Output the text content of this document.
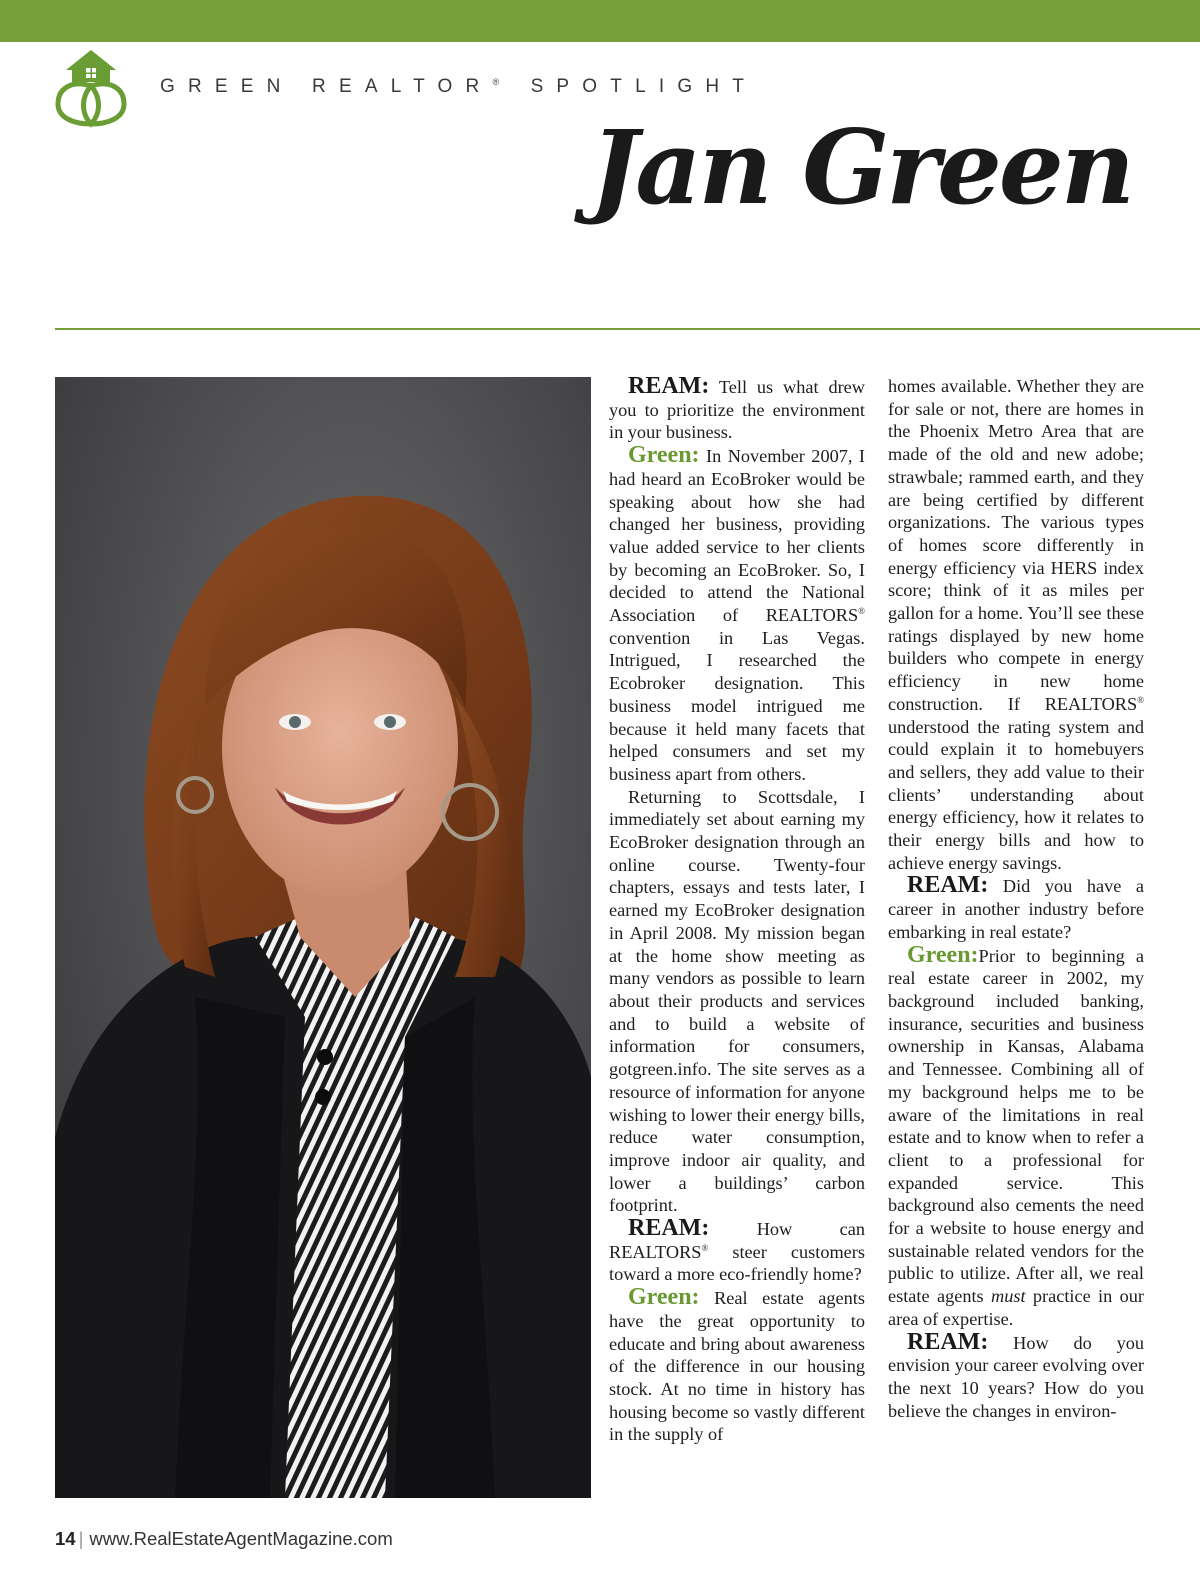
GREEN REALTOR® SPOTLIGHT
Jan Green

REAM: Tell us what drew you to prioritize the environment in your business.

Green: In November 2007, I had heard an EcoBroker would be speaking about how she had changed her business, providing value added service to her clients by becoming an EcoBroker. So, I decided to attend the National Association of REALTORS® convention in Las Vegas. Intrigued, I researched the Ecobroker designation. This business model intrigued me because it held many facets that helped consumers and set my business apart from others.

Returning to Scottsdale, I immediately set about earning my EcoBroker designation through an online course. Twenty-four chapters, essays and tests later, I earned my EcoBroker designation in April 2008. My mission began at the home show meeting as many vendors as possible to learn about their products and services and to build a website of information for consumers, gotgreen.info. The site serves as a resource of information for anyone wishing to lower their energy bills, reduce water consumption, improve indoor air quality, and lower a buildings’ carbon footprint.

REAM:	How can REALTORS® steer customers toward a more eco-friendly home?

Green: Real estate agents have the great opportunity to educate and bring about awareness of the difference in our housing stock. At no time in history has housing become so vastly different in the supply of

homes available. Whether they are for sale or not, there are homes in the Phoenix Metro Area that are made of the old and new adobe; strawbale; rammed earth, and they are being certified by different organizations. The various types of homes score differently in energy efficiency via HERS index score; think of it as miles per gallon for a home. You’ll see these ratings displayed by new home builders who compete in energy efficiency in new home construction. If REALTORS® understood the rating system and could explain it to homebuyers and sellers, they add value to their clients’ understanding about energy efficiency, how it relates to their energy bills and how to achieve energy savings.

REAM: Did you have a career in another industry before embarking in real estate?

Green:Prior to beginning a real estate career in 2002, my background included banking, insurance, securities and business ownership in Kansas, Alabama and Tennessee. Combining all of my background helps me to be aware of the limitations in real estate and to know when to refer a client to a professional for expanded service. This background also cements the need for a website to house energy and sustainable related vendors for the public to utilize. After all, we real estate agents must practice in our area of expertise.

REAM: How do you envision your career evolving over the next 10 years? How do you believe the changes in environ-

14 | www.RealEstateAgentMagazine.com
